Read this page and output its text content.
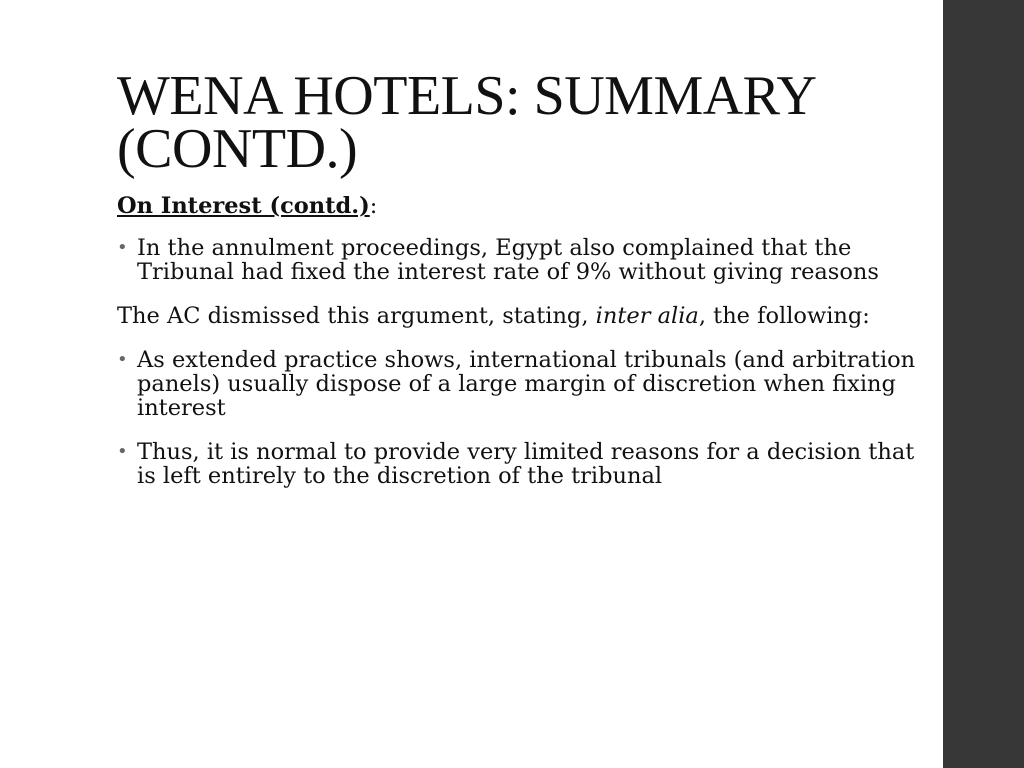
WENA HOTELS: SUMMARY
(CONTD.)

On Interest (contd.):

• In the annulment proceedings, Egypt also complained that the Tribunal had fixed the interest rate of 9% without giving reasons

The AC dismissed this argument, stating, inter alia, the following:

• As extended practice shows, international tribunals (and arbitration panels) usually dispose of a large margin of discretion when fixing interest
• Thus, it is normal to provide very limited reasons for a decision that is left entirely to the discretion of the tribunal
